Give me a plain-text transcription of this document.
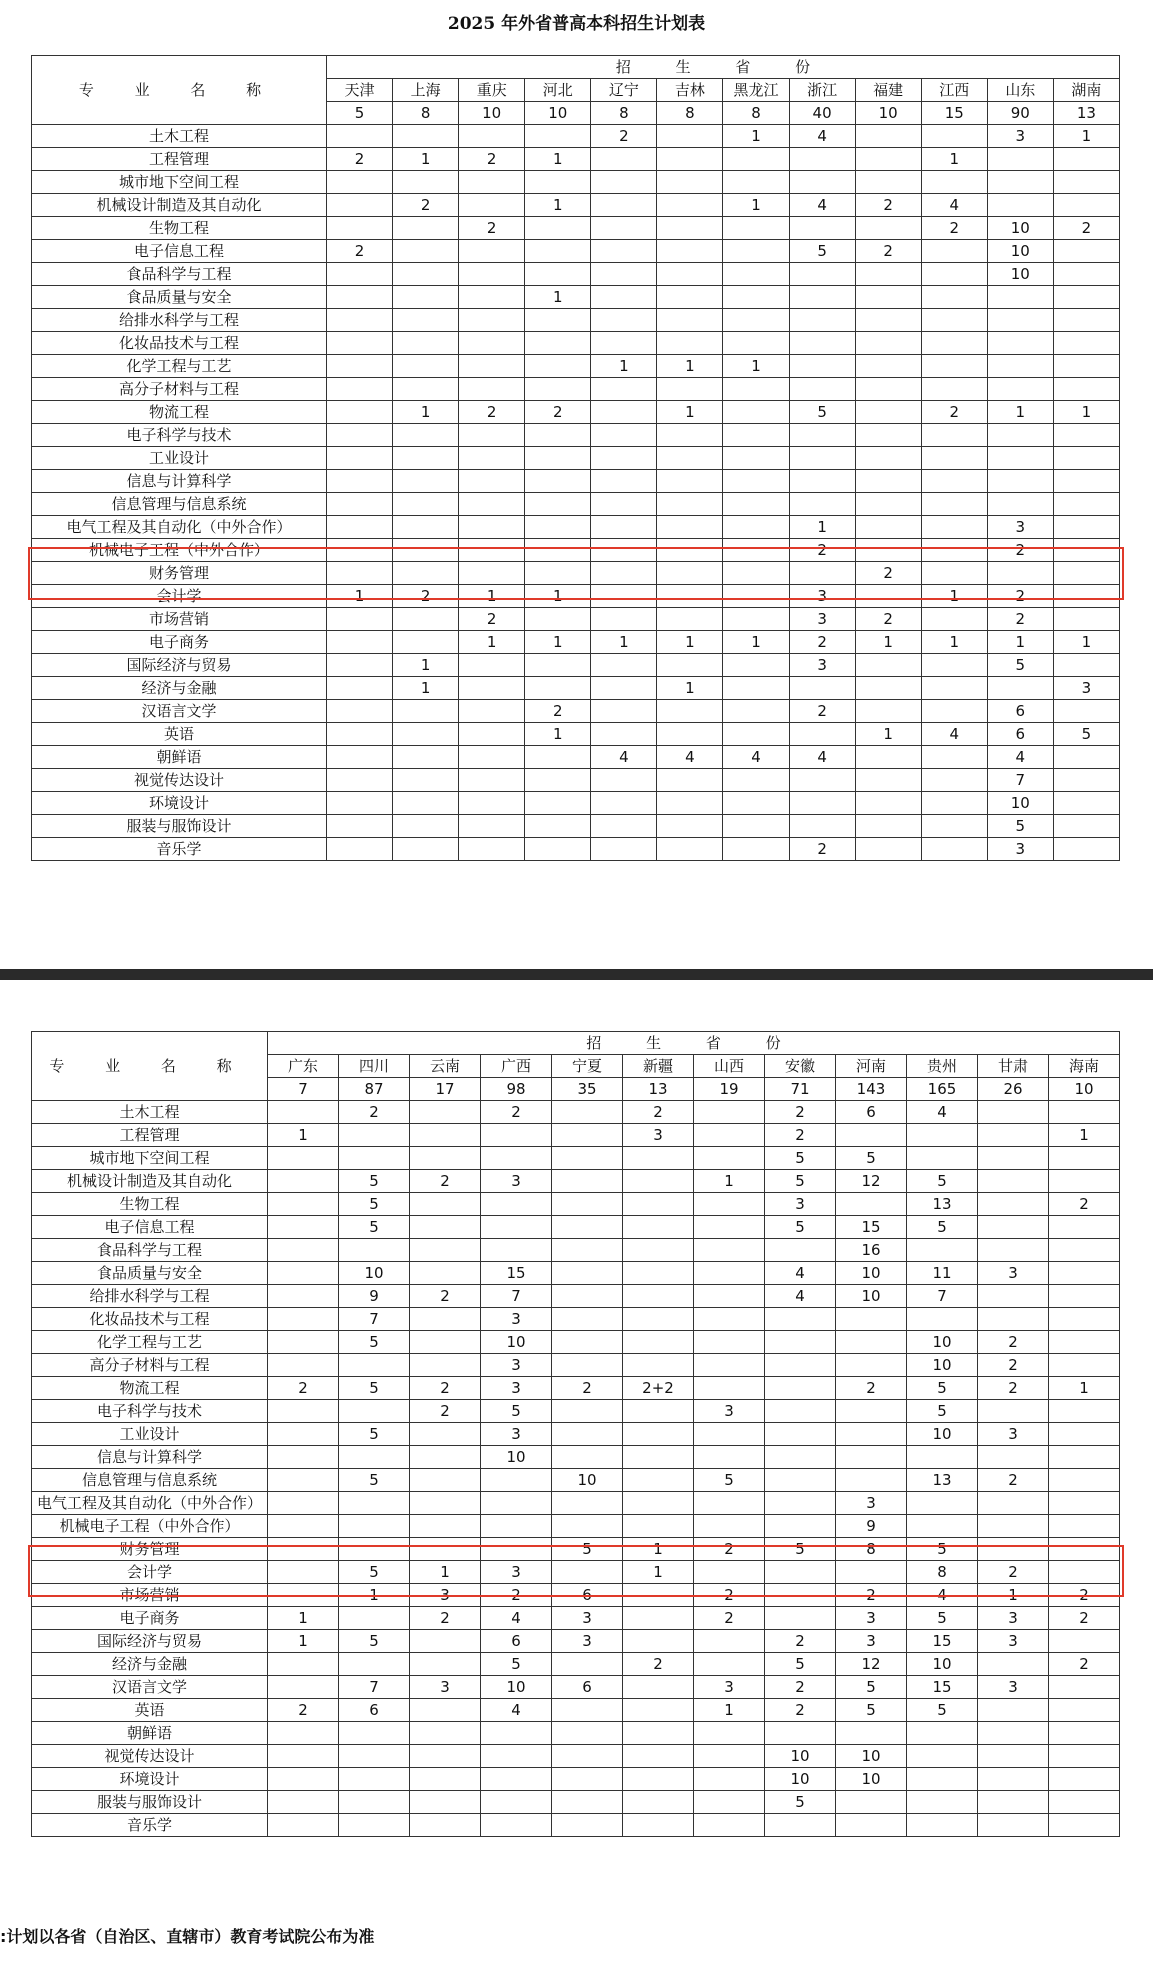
2025 年外省普高本科招生计划表
专 业 名 称	招 生 省 份											
	天津	上海	重庆	河北	辽宁	吉林	黑龙江	浙江	福建	江西	山东	湖南
	5	8	10	10	8	8	8	40	10	15	90	13
土木工程					2		1	4			3	1
工程管理	2	1	2	1						1		
城市地下空间工程												
机械设计制造及其自动化		2		1			1	4	2	4		
生物工程			2							2	10	2
电子信息工程	2							5	2		10	
食品科学与工程											10	
食品质量与安全				1								
给排水科学与工程												
化妆品技术与工程												
化学工程与工艺					1	1	1					
高分子材料与工程												
物流工程		1	2	2		1		5		2	1	1
电子科学与技术												
工业设计												
信息与计算科学												
信息管理与信息系统												
电气工程及其自动化（中外合作）								1			3	
机械电子工程（中外合作）								2			2	
财务管理									2			
会计学	1	2	1	1				3		1	2	
市场营销			2					3	2		2	
电子商务			1	1	1	1	1	2	1	1	1	1
国际经济与贸易		1						3			5	
经济与金融		1				1						3
汉语言文学				2				2			6	
英语				1					1	4	6	5
朝鲜语					4	4	4	4			4	
视觉传达设计											7	
环境设计											10	
服装与服饰设计											5	
音乐学								2			3	
专 业 名 称	招 生 省 份											
	广东	四川	云南	广西	宁夏	新疆	山西	安徽	河南	贵州	甘肃	海南
	7	87	17	98	35	13	19	71	143	165	26	10
土木工程		2		2		2		2	6	4		
工程管理	1					3		2				1
城市地下空间工程								5	5			
机械设计制造及其自动化		5	2	3			1	5	12	5		
生物工程		5						3		13		2
电子信息工程		5						5	15	5		
食品科学与工程									16			
食品质量与安全		10		15				4	10	11	3	
给排水科学与工程		9	2	7				4	10	7		
化妆品技术与工程		7		3								
化学工程与工艺		5		10						10	2	
高分子材料与工程				3						10	2	
物流工程	2	5	2	3	2	2+2			2	5	2	1
电子科学与技术			2	5			3			5		
工业设计		5		3						10	3	
信息与计算科学				10								
信息管理与信息系统		5			10		5			13	2	
电气工程及其自动化（中外合作）									3			
机械电子工程（中外合作）									9			
财务管理					5	1	2	5	8	5		
会计学		5	1	3		1				8	2	
市场营销		1	3	2	6		2		2	4	1	2
电子商务	1		2	4	3		2		3	5	3	2
国际经济与贸易	1	5		6	3			2	3	15	3	
经济与金融				5		2		5	12	10		2
汉语言文学		7	3	10	6		3	2	5	15	3	
英语	2	6		4			1	2	5	5		
朝鲜语												
视觉传达设计								10	10			
环境设计								10	10			
服装与服饰设计								5				
音乐学												
:计划以各省（自治区、直辖市）教育考试院公布为准
